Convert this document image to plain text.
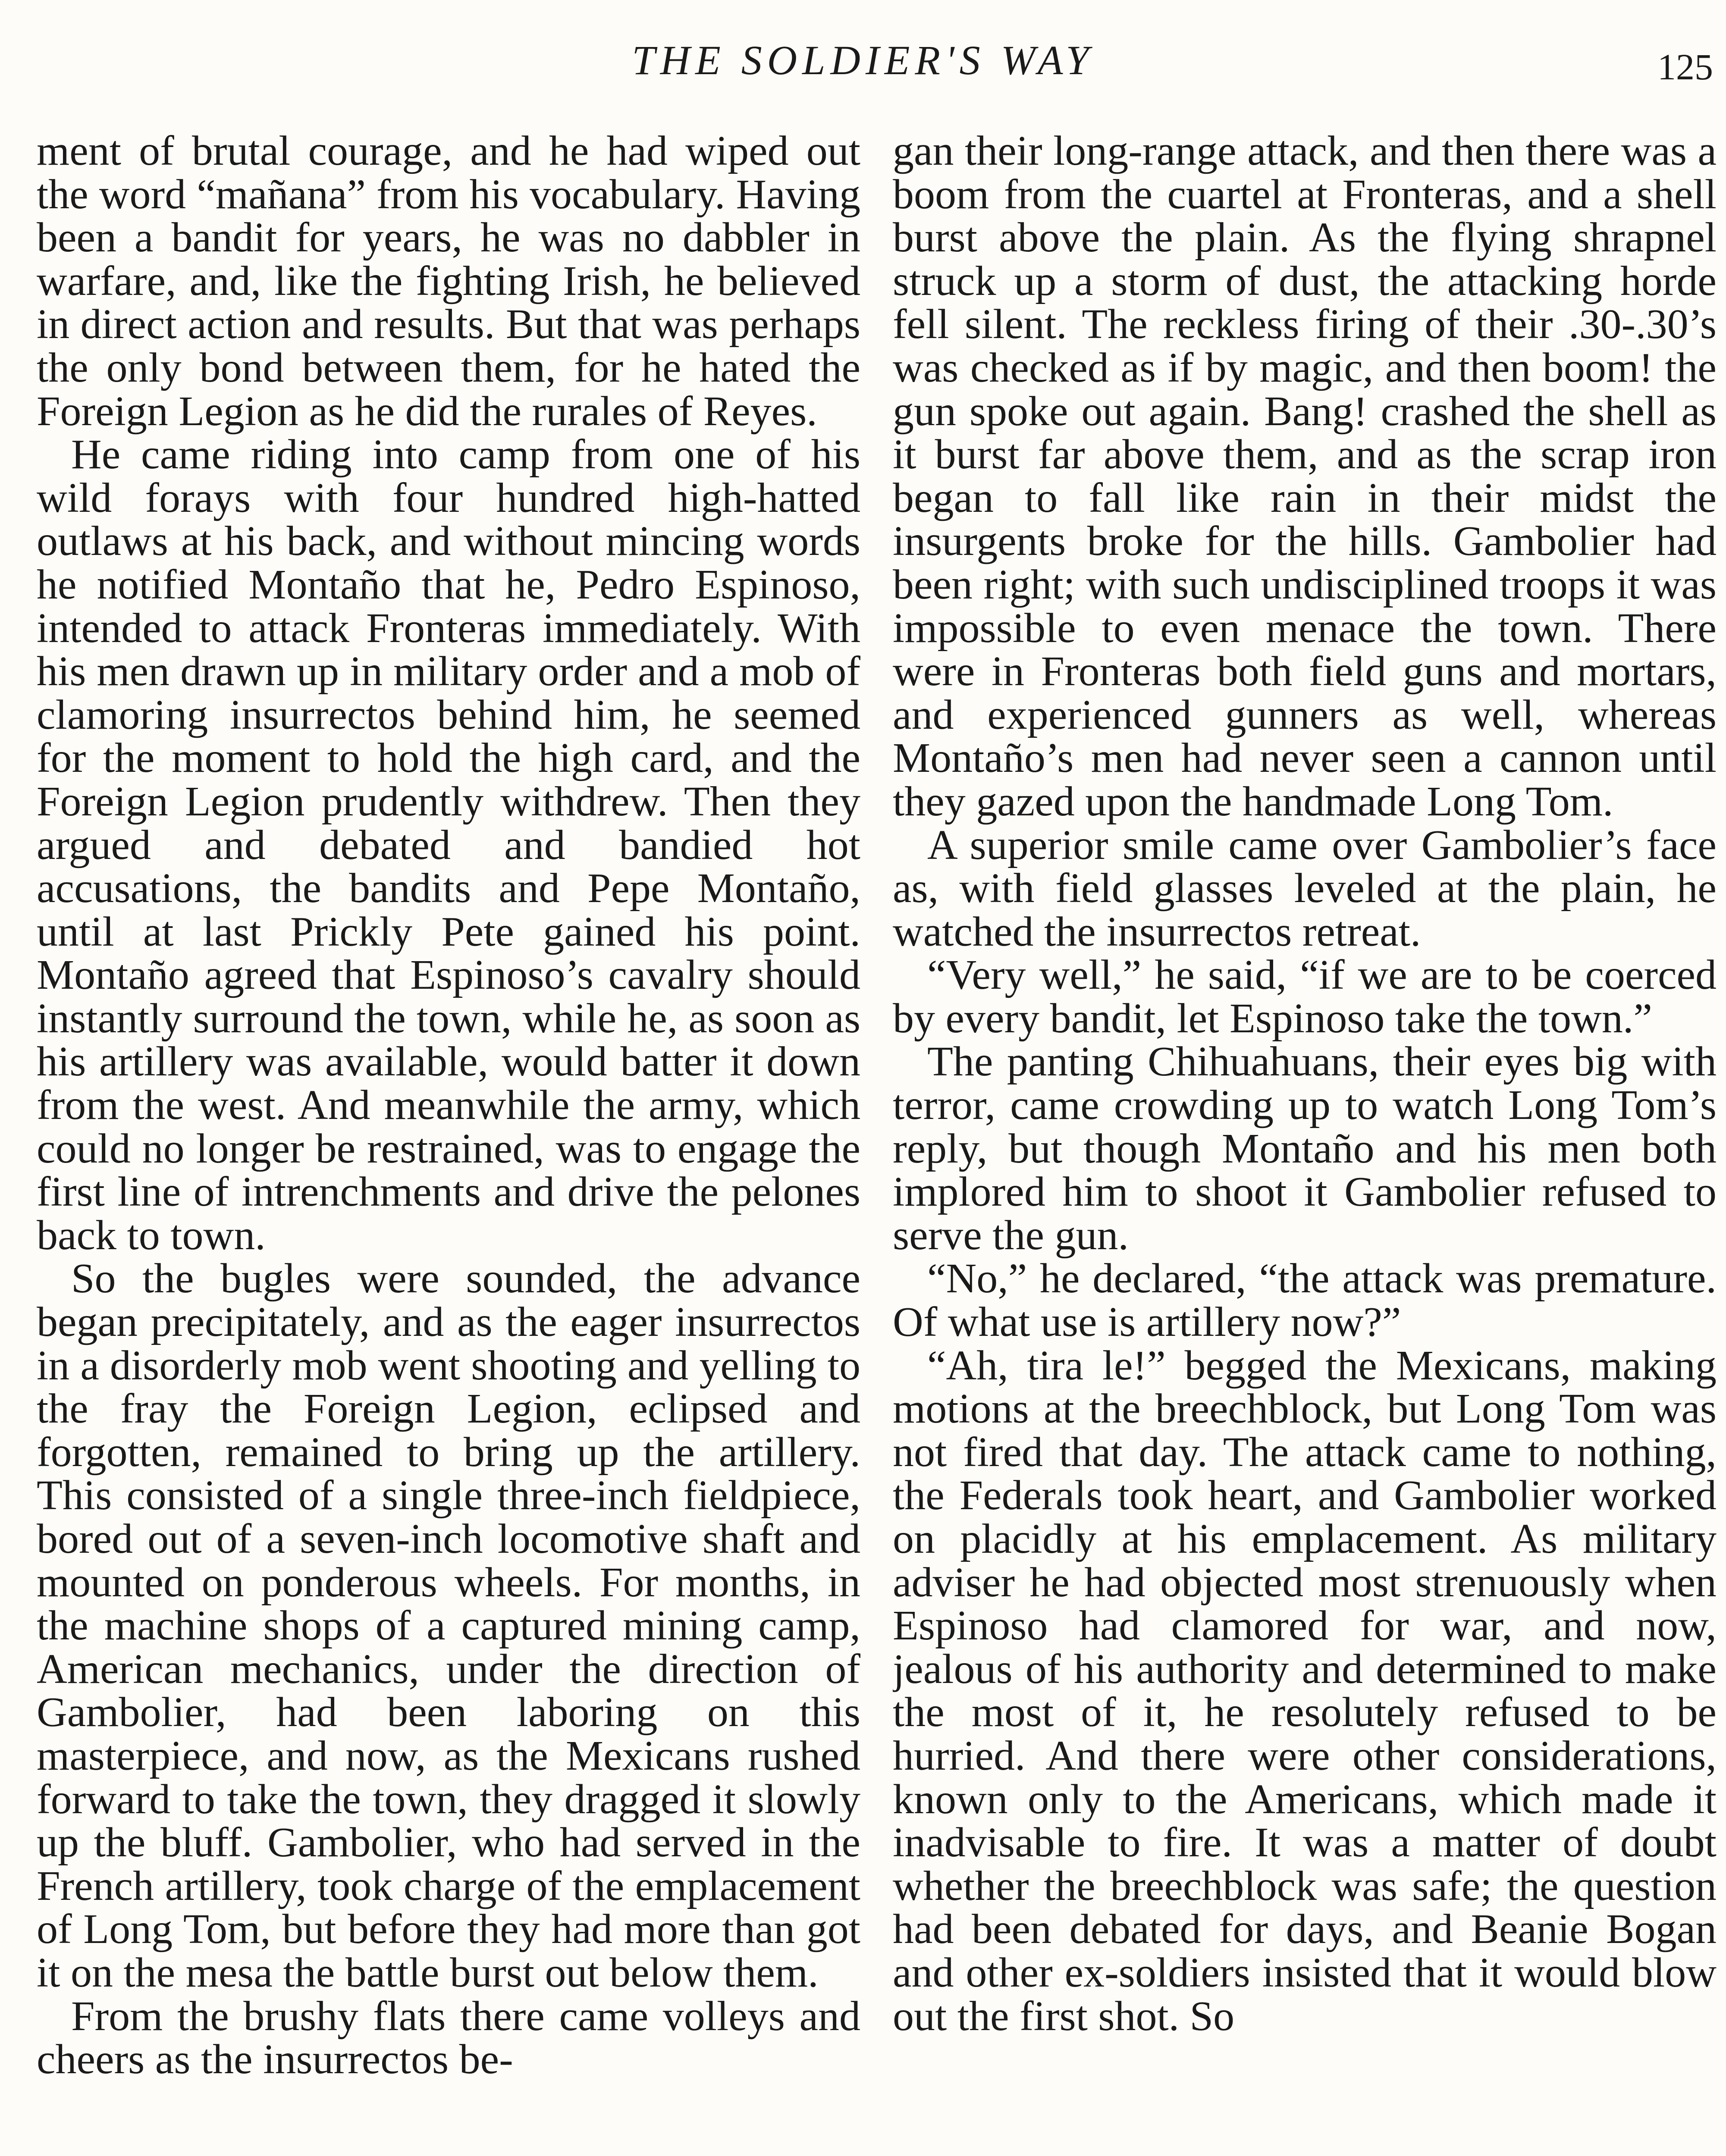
THE SOLDIER'S WAY	125

ment of brutal courage, and he had wiped out the word “mañana” from his vocabulary. Having been a bandit for years, he was no dabbler in warfare, and, like the fighting Irish, he believed in direct action and results. But that was perhaps the only bond between them, for he hated the Foreign Legion as he did the rurales of Reyes.

He came riding into camp from one of his wild forays with four hundred high-hatted outlaws at his back, and without mincing words he notified Montaño that he, Pedro Espinoso, intended to attack Fronteras immediately. With his men drawn up in military order and a mob of clamoring insurrectos behind him, he seemed for the moment to hold the high card, and the Foreign Legion prudently withdrew. Then they argued and debated and bandied hot accusations, the bandits and Pepe Montaño, until at last Prickly Pete gained his point. Montaño agreed that Espinoso’s cavalry should instantly surround the town, while he, as soon as his artillery was available, would batter it down from the west. And meanwhile the army, which could no longer be restrained, was to engage the first line of intrenchments and drive the pelones back to town.

So the bugles were sounded, the advance began precipitately, and as the eager insurrectos in a disorderly mob went shooting and yelling to the fray the Foreign Legion, eclipsed and forgotten, remained to bring up the artillery. This consisted of a single three-inch fieldpiece, bored out of a seven-inch locomotive shaft and mounted on ponderous wheels. For months, in the machine shops of a captured mining camp, American mechanics, under the direction of Gambolier, had been laboring on this masterpiece, and now, as the Mexicans rushed forward to take the town, they dragged it slowly up the bluff. Gambolier, who had served in the French artillery, took charge of the emplacement of Long Tom, but before they had more than got it on the mesa the battle burst out below them.

From the brushy flats there came volleys and cheers as the insurrectos be-

gan their long-range attack, and then there was a boom from the cuartel at Fronteras, and a shell burst above the plain. As the flying shrapnel struck up a storm of dust, the attacking horde fell silent. The reckless firing of their .30-.30’s was checked as if by magic, and then boom! the gun spoke out again. Bang! crashed the shell as it burst far above them, and as the scrap iron began to fall like rain in their midst the insurgents broke for the hills. Gambolier had been right; with such undisciplined troops it was impossible to even menace the town. There were in Fronteras both field guns and mortars, and experienced gunners as well, whereas Montaño’s men had never seen a cannon until they gazed upon the handmade Long Tom.

A superior smile came over Gambolier’s face as, with field glasses leveled at the plain, he watched the insurrectos retreat.

“Very well,” he said, “if we are to be coerced by every bandit, let Espinoso take the town.”

The panting Chihuahuans, their eyes big with terror, came crowding up to watch Long Tom’s reply, but though Montaño and his men both implored him to shoot it Gambolier refused to serve the gun.

“No,” he declared, “the attack was premature. Of what use is artillery now?”

“Ah, tira le!” begged the Mexicans, making motions at the breechblock, but Long Tom was not fired that day. The attack came to nothing, the Federals took heart, and Gambolier worked on placidly at his emplacement. As military adviser he had objected most strenuously when Espinoso had clamored for war, and now, jealous of his authority and determined to make the most of it, he resolutely refused to be hurried. And there were other considerations, known only to the Americans, which made it inadvisable to fire. It was a matter of doubt whether the breechblock was safe; the question had been debated for days, and Beanie Bogan and other ex-soldiers insisted that it would blow out the first shot. So
